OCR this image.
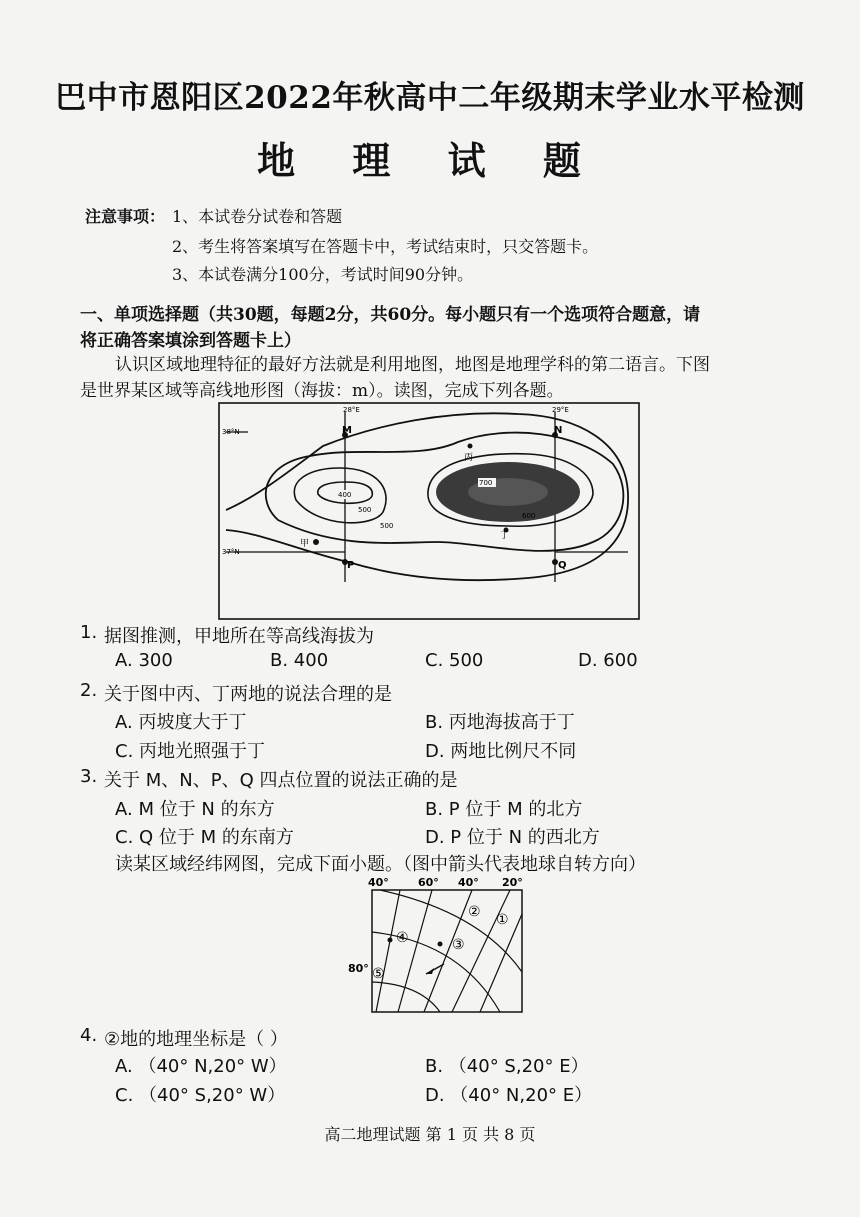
巴中市恩阳区2022年秋高中二年级期末学业水平检测
地 理 试 题
注意事项： 1、本试卷分试卷和答题
2、考生将答案填写在答题卡中，考试结束时，只交答题卡。
3、本试卷满分100分，考试时间90分钟。
一、单项选择题（共30题，每题2分，共60分。每小题只有一个选项符合题意，请
将正确答案填涂到答题卡上）
认识区域地理特征的最好方法就是利用地图，地图是地理学科的第二语言。下图
是世界某区域等高线地形图（海拔：m）。读图，完成下列各题。
28°E	29°E
38°N
37°N
M	N
P	Q
甲
丙
丁
400
500
500
700
600
1. 据图推测，甲地所在等高线海拔为
A. 300	B. 400	C. 500	D. 600
2. 关于图中丙、丁两地的说法合理的是
A. 丙坡度大于丁	B. 丙地海拔高于丁
C. 丙地光照强于丁	D. 两地比例尺不同
3. 关于 M、N、P、Q 四点位置的说法正确的是
A. M 位于 N 的东方	B. P 位于 M 的北方
C. Q 位于 M 的东南方	D. P 位于 N 的西北方
读某区域经纬网图，完成下面小题。（图中箭头代表地球自转方向）
40°	60° 40° 20°
80°
①
②
③
④
⑤
4. ②地的地理坐标是（ ）
A. （40° N,20° W）	B. （40° S,20° E）
C. （40° S,20° W）	D. （40° N,20° E）
高二地理试题 第 1 页 共 8 页
